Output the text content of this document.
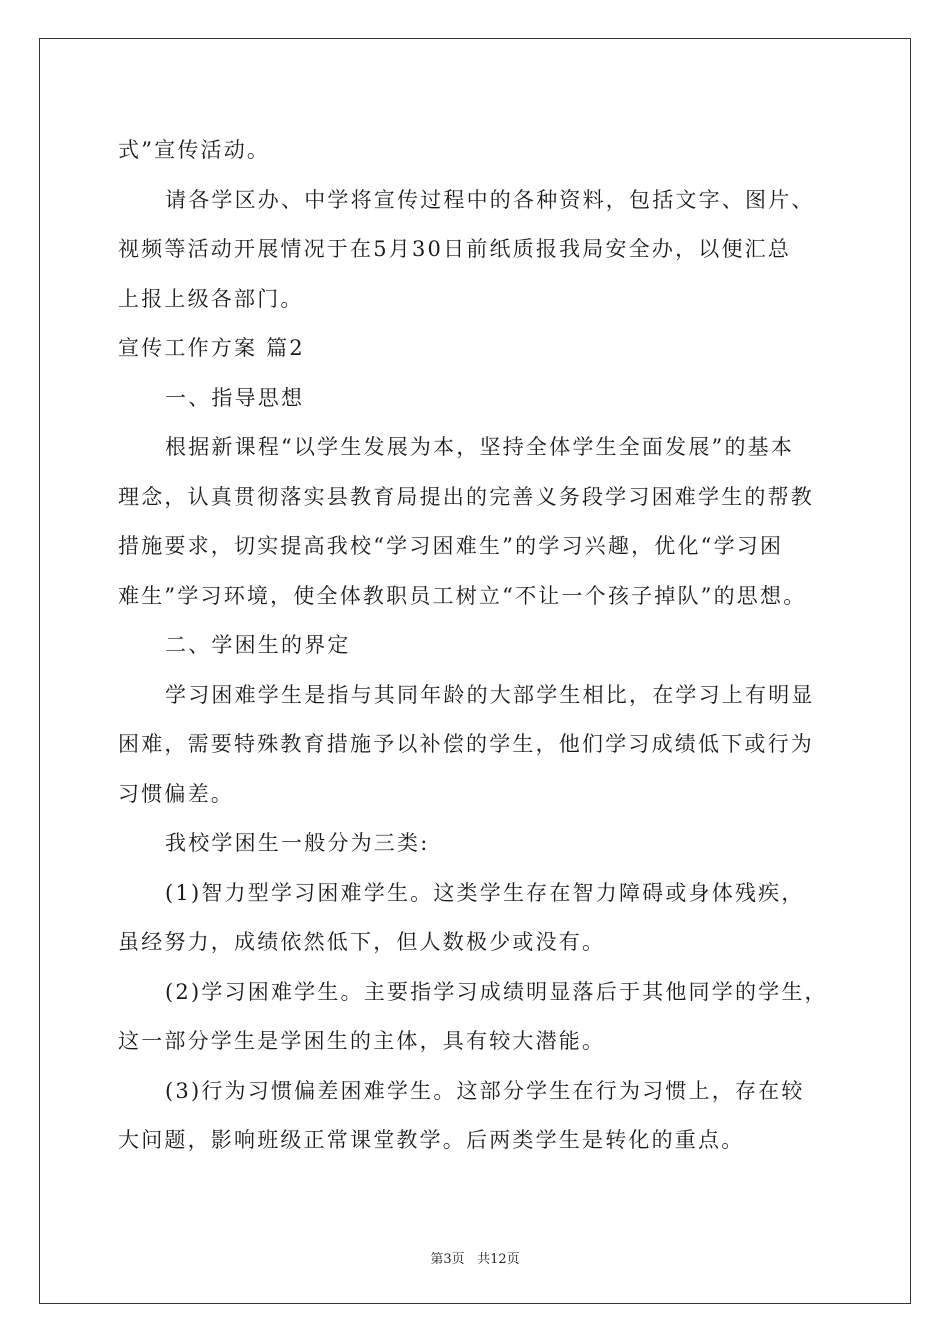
式”宣传活动。
请各学区办、中学将宣传过程中的各种资料，包括文字、图片、
视频等活动开展情况于在5月30日前纸质报我局安全办，以便汇总
上报上级各部门。
宣传工作方案 篇2
一、指导思想
根据新课程“以学生发展为本，坚持全体学生全面发展”的基本
理念，认真贯彻落实县教育局提出的完善义务段学习困难学生的帮教
措施要求，切实提高我校“学习困难生”的学习兴趣，优化“学习困
难生”学习环境，使全体教职员工树立“不让一个孩子掉队”的思想。
二、学困生的界定
学习困难学生是指与其同年龄的大部学生相比，在学习上有明显
困难，需要特殊教育措施予以补偿的学生，他们学习成绩低下或行为
习惯偏差。
我校学困生一般分为三类:
(1)智力型学习困难学生。这类学生存在智力障碍或身体残疾，
虽经努力，成绩依然低下，但人数极少或没有。
(2)学习困难学生。主要指学习成绩明显落后于其他同学的学生，
这一部分学生是学困生的主体，具有较大潜能。
(3)行为习惯偏差困难学生。这部分学生在行为习惯上，存在较
大问题，影响班级正常课堂教学。后两类学生是转化的重点。
第3页 共12页
